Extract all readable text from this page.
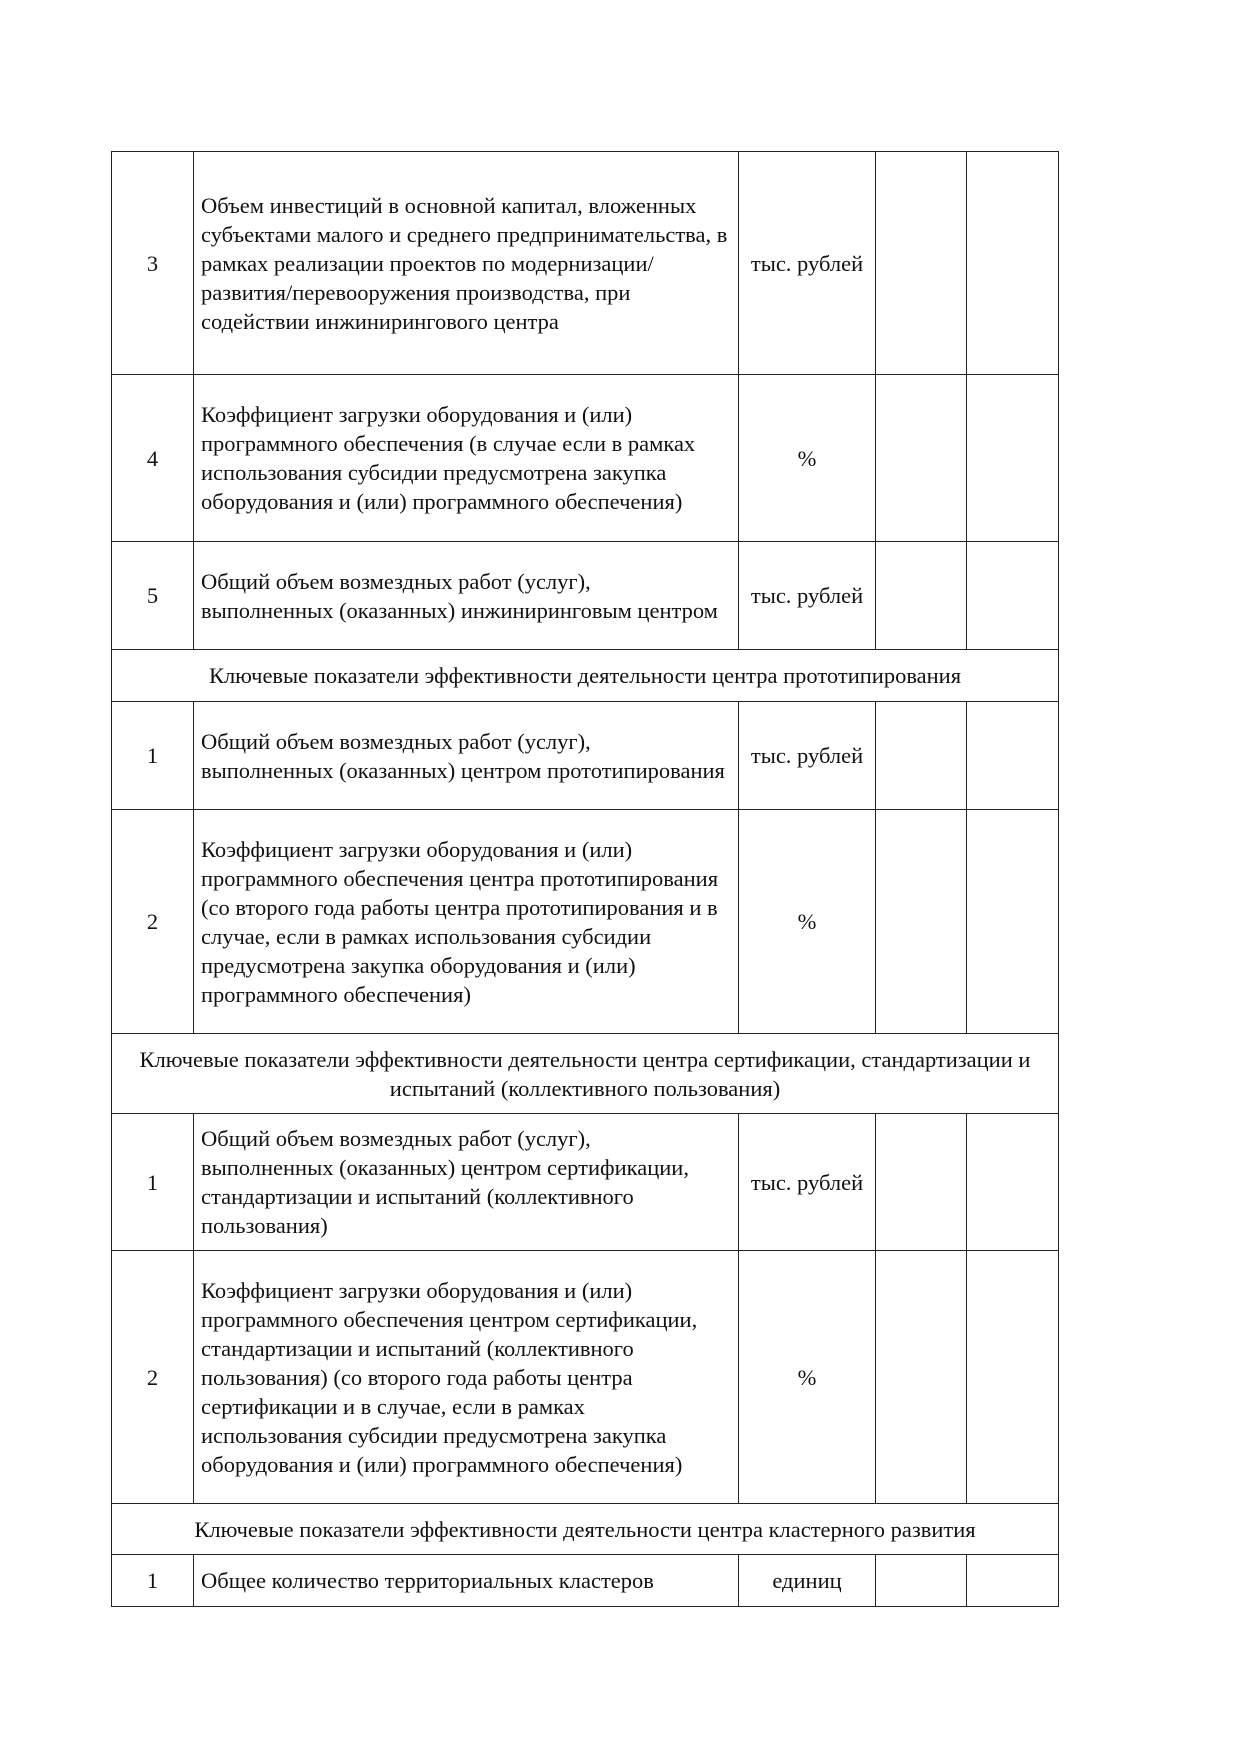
3	Объем инвестиций в основной капитал, вложенных субъектами малого и среднего предпринимательства, в рамках реализации проектов по модернизации/развития/перевооружения производства, при содействии инжинирингового центра	тыс. рублей		
4	Коэффициент загрузки оборудования и (или) программного обеспечения (в случае если в рамках использования субсидии предусмотрена закупка оборудования и (или) программного обеспечения)	%		
5	Общий объем возмездных работ (услуг), выполненных (оказанных) инжиниринговым центром	тыс. рублей		
Ключевые показатели эффективности деятельности центра прототипирования				
1	Общий объем возмездных работ (услуг), выполненных (оказанных) центром прототипирования	тыс. рублей		
2	Коэффициент загрузки оборудования и (или) программного обеспечения центра прототипирования (со второго года работы центра прототипирования и в случае, если в рамках использования субсидии предусмотрена закупка оборудования и (или) программного обеспечения)	%		
Ключевые показатели эффективности деятельности центра сертификации, стандартизации и испытаний (коллективного пользования)				
1	Общий объем возмездных работ (услуг), выполненных (оказанных) центром сертификации, стандартизации и испытаний (коллективного пользования)	тыс. рублей		
2	Коэффициент загрузки оборудования и (или) программного обеспечения центром сертификации, стандартизации и испытаний (коллективного пользования) (со второго года работы центра сертификации и в случае, если в рамках использования субсидии предусмотрена закупка оборудования и (или) программного обеспечения)	%		
Ключевые показатели эффективности деятельности центра кластерного развития				
1	Общее количество территориальных кластеров	единиц		
